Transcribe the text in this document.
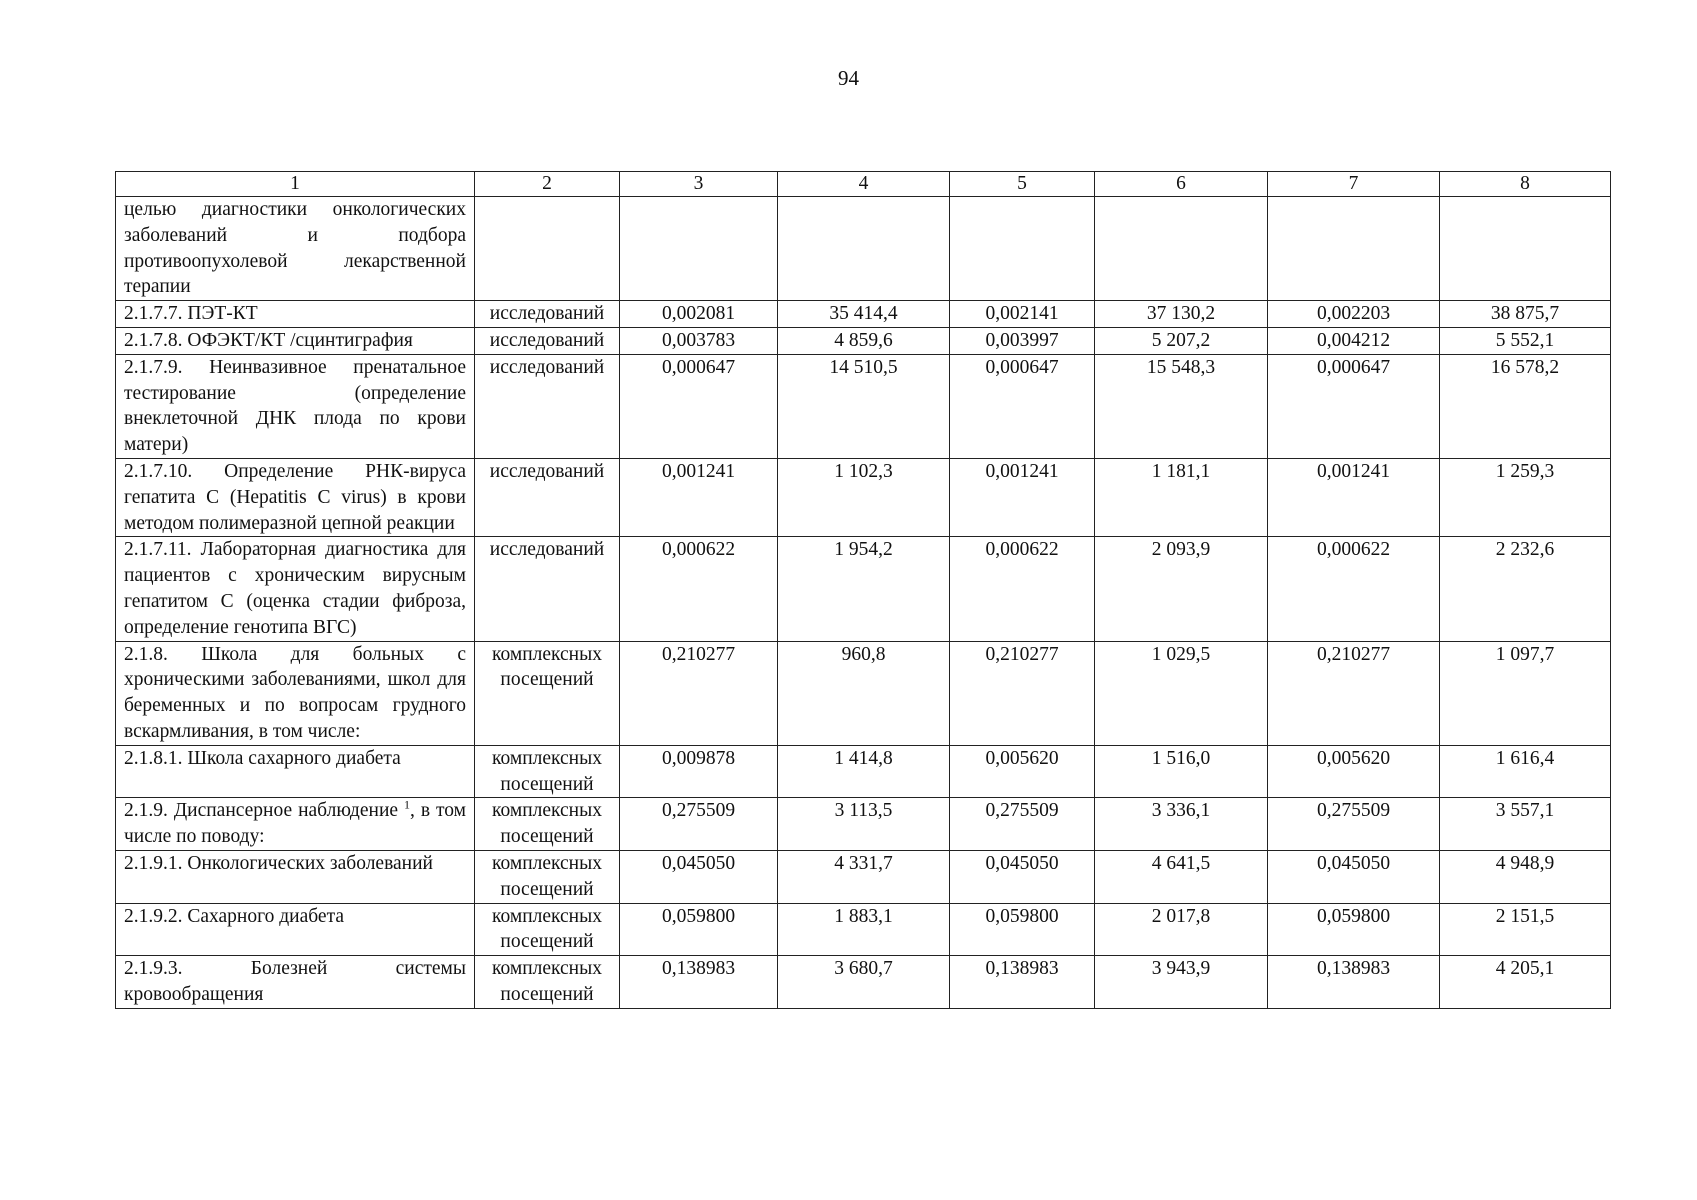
94
1	2	3	4	5	6	7	8
целью диагностики онкологических заболеваний и подбора противоопухолевой лекарственной терапии							
2.1.7.7. ПЭТ-КТ	исследований	0,002081	35 414,4	0,002141	37 130,2	0,002203	38 875,7
2.1.7.8. ОФЭКТ/КТ /сцинтиграфия	исследований	0,003783	4 859,6	0,003997	5 207,2	0,004212	5 552,1
2.1.7.9. Неинвазивное пренатальное тестирование (определение внеклеточной ДНК плода по крови матери)	исследований	0,000647	14 510,5	0,000647	15 548,3	0,000647	16 578,2
2.1.7.10. Определение РНК-вируса гепатита С (Hepatitis C virus) в крови методом полимеразной цепной реакции	исследований	0,001241	1 102,3	0,001241	1 181,1	0,001241	1 259,3
2.1.7.11. Лабораторная диагностика для пациентов с хроническим вирусным гепатитом С (оценка стадии фиброза, определение генотипа ВГС)	исследований	0,000622	1 954,2	0,000622	2 093,9	0,000622	2 232,6
2.1.8. Школа для больных с хроническими заболеваниями, школ для беременных и по вопросам грудного вскармливания, в том числе:	комплексных посещений	0,210277	960,8	0,210277	1 029,5	0,210277	1 097,7
2.1.8.1. Школа сахарного диабета	комплексных посещений	0,009878	1 414,8	0,005620	1 516,0	0,005620	1 616,4
2.1.9. Диспансерное наблюдение $^1$, в том числе по поводу:	комплексных посещений	0,275509	3 113,5	0,275509	3 336,1	0,275509	3 557,1
2.1.9.1. Онкологических заболеваний	комплексных посещений	0,045050	4 331,7	0,045050	4 641,5	0,045050	4 948,9
2.1.9.2. Сахарного диабета	комплексных посещений	0,059800	1 883,1	0,059800	2 017,8	0,059800	2 151,5
2.1.9.3. Болезней системы кровообращения	комплексных посещений	0,138983	3 680,7	0,138983	3 943,9	0,138983	4 205,1
